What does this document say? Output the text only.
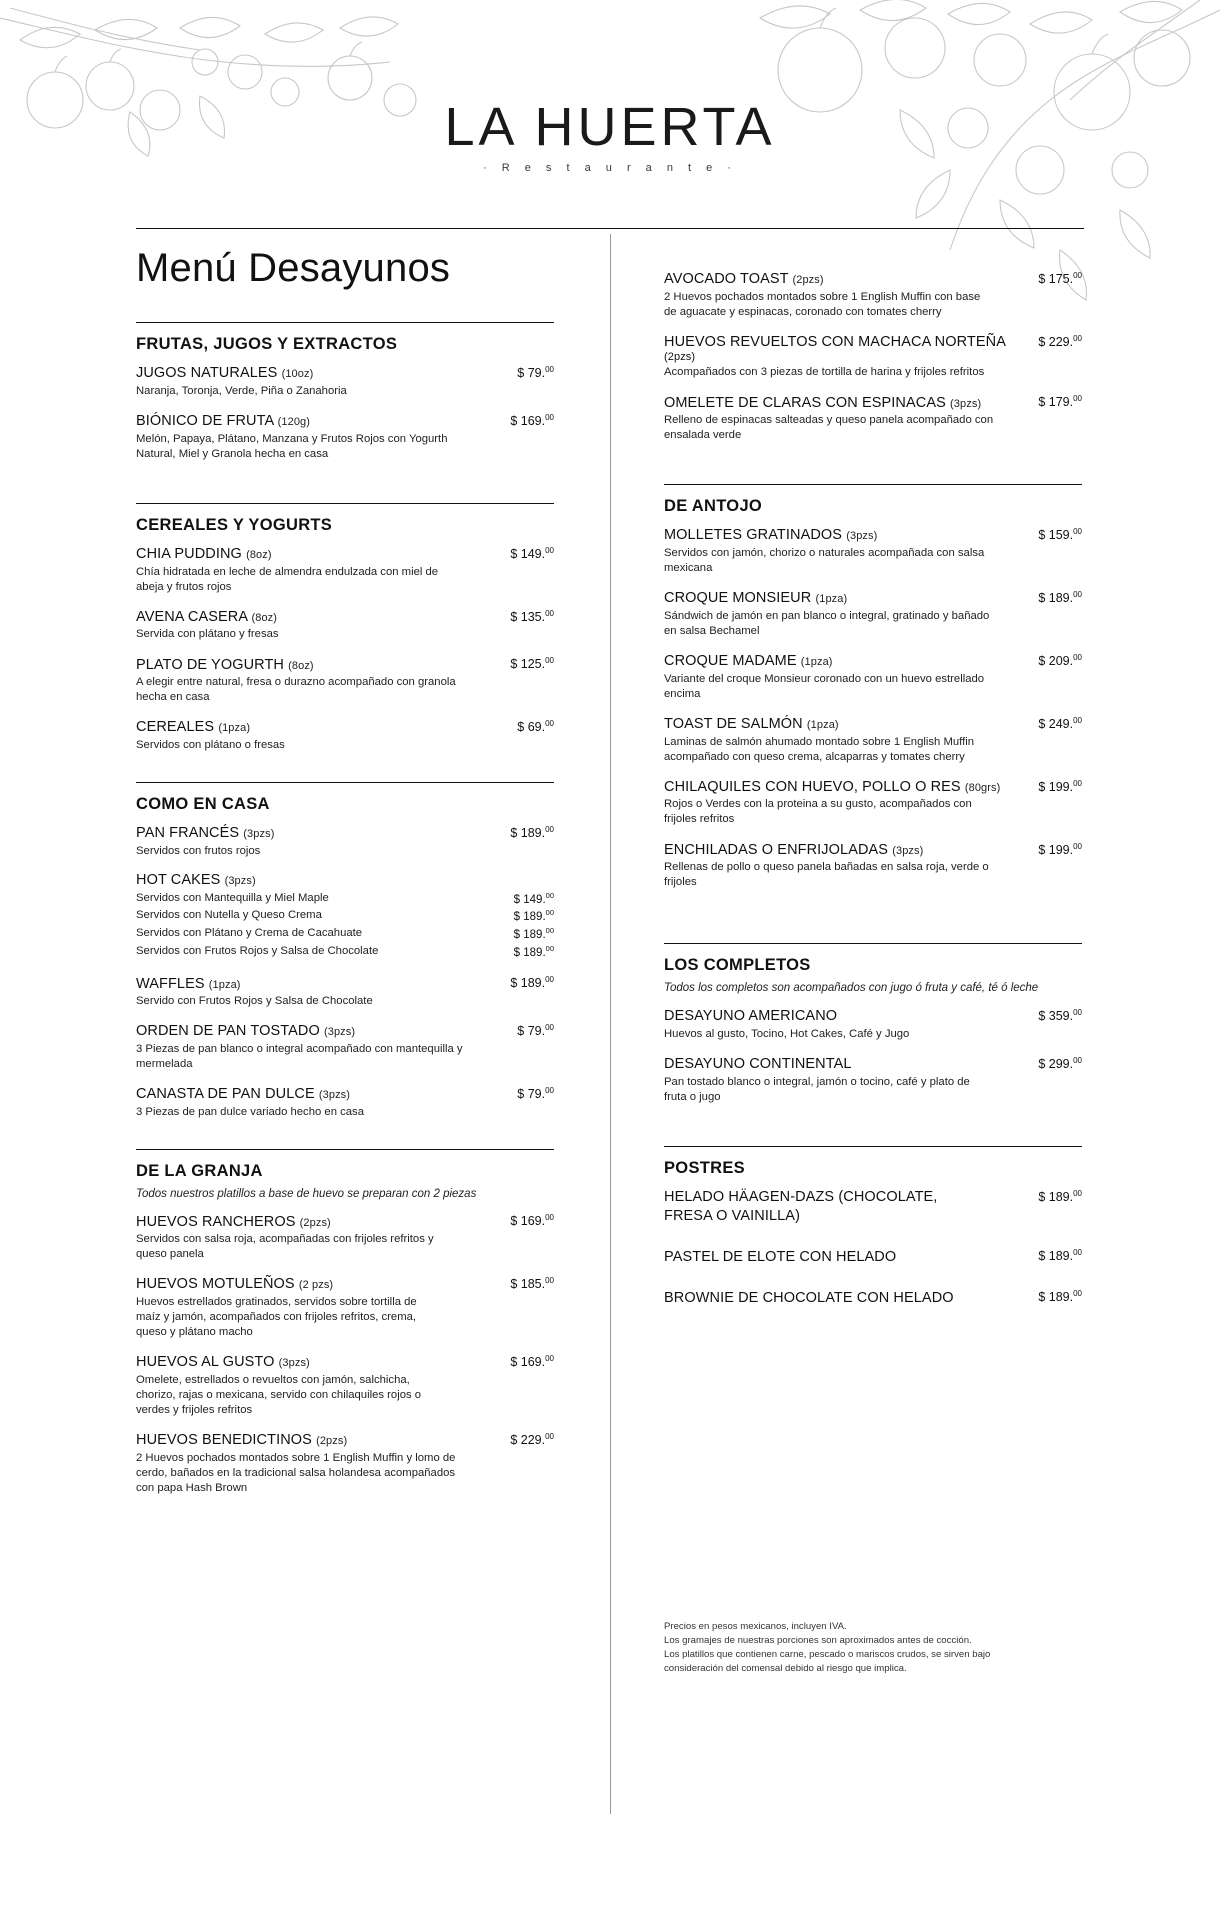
LA HUERTA
· R e s t a u r a n t e ·
Menú Desayunos
FRUTAS, JUGOS Y EXTRACTOS
JUGOS NATURALES (10oz)	$ 79.00
Naranja, Toronja, Verde, Piña o Zanahoria
BIÓNICO DE FRUTA (120g)	$ 169.00
Melón, Papaya, Plátano, Manzana y Frutos Rojos con Yogurth Natural, Miel y Granola hecha en casa
CEREALES Y YOGURTS
CHIA PUDDING (8oz)	$ 149.00
Chía hidratada en leche de almendra endulzada con miel de abeja y frutos rojos
AVENA CASERA (8oz)	$ 135.00
Servida con plátano y fresas
PLATO DE YOGURTH (8oz)	$ 125.00
A elegir entre natural, fresa o durazno acompañado con granola hecha en casa
CEREALES (1pza)	$ 69.00
Servidos con plátano o fresas
COMO EN CASA
PAN FRANCÉS (3pzs)	$ 189.00
Servidos con frutos rojos
HOT CAKES (3pzs)
Servidos con Mantequilla y Miel Maple	$ 149.00
Servidos con Nutella y Queso Crema	$ 189.00
Servidos con Plátano y Crema de Cacahuate	$ 189.00
Servidos con Frutos Rojos y Salsa de Chocolate	$ 189.00
WAFFLES (1pza)	$ 189.00
Servido con Frutos Rojos y Salsa de Chocolate
ORDEN DE PAN TOSTADO (3pzs)	$ 79.00
3 Piezas de pan blanco o integral acompañado con mantequilla y mermelada
CANASTA DE PAN DULCE (3pzs)	$ 79.00
3 Piezas de pan dulce variado hecho en casa
DE LA GRANJA
Todos nuestros platillos a base de huevo se preparan con 2 piezas
HUEVOS RANCHEROS (2pzs)	$ 169.00
Servidos con salsa roja, acompañadas con frijoles refritos y queso panela
HUEVOS MOTULEÑOS (2 pzs)	$ 185.00
Huevos estrellados gratinados, servidos sobre tortilla de maíz y jamón, acompañados con frijoles refritos, crema, queso y plátano macho
HUEVOS AL GUSTO (3pzs)	$ 169.00
Omelete, estrellados o revueltos con jamón, salchicha, chorizo, rajas o mexicana, servido con chilaquiles rojos o verdes y frijoles refritos
HUEVOS BENEDICTINOS (2pzs)	$ 229.00
2 Huevos pochados montados sobre 1 English Muffin y lomo de cerdo, bañados en la tradicional salsa holandesa acompañados con papa Hash Brown
AVOCADO TOAST (2pzs)	$ 175.00
2 Huevos pochados montados sobre 1 English Muffin con base de aguacate y espinacas, coronado con tomates cherry
HUEVOS REVUELTOS CON MACHACA NORTEÑA	$ 229.00
(2pzs)
Acompañados con 3 piezas de tortilla de harina y frijoles refritos
OMELETE DE CLARAS CON ESPINACAS (3pzs)	$ 179.00
Relleno de espinacas salteadas y queso panela acompañado con ensalada verde
DE ANTOJO
MOLLETES GRATINADOS (3pzs)	$ 159.00
Servidos con jamón, chorizo o naturales acompañada con salsa mexicana
CROQUE MONSIEUR (1pza)	$ 189.00
Sándwich de jamón en pan blanco o integral, gratinado y bañado en salsa Bechamel
CROQUE MADAME (1pza)	$ 209.00
Variante del croque Monsieur coronado con un huevo estrellado encima
TOAST DE SALMÓN (1pza)	$ 249.00
Laminas de salmón ahumado montado sobre 1 English Muffin acompañado con queso crema, alcaparras y tomates cherry
CHILAQUILES CON HUEVO, POLLO O RES (80grs)	$ 199.00
Rojos o Verdes con la proteina a su gusto, acompañados con frijoles refritos
ENCHILADAS O ENFRIJOLADAS (3pzs)	$ 199.00
Rellenas de pollo o queso panela bañadas en salsa roja, verde o frijoles
LOS COMPLETOS
Todos los completos son acompañados con jugo ó fruta y café, té ó leche
DESAYUNO AMERICANO	$ 359.00
Huevos al gusto, Tocino, Hot Cakes, Café y Jugo
DESAYUNO CONTINENTAL	$ 299.00
Pan tostado blanco o integral, jamón o tocino, café y plato de fruta o jugo
POSTRES
HELADO HÄAGEN-DAZS (CHOCOLATE, FRESA O VAINILLA)
$ 189.00
PASTEL DE ELOTE CON HELADO	$ 189.00
BROWNIE DE CHOCOLATE CON HELADO	$ 189.00
Precios en pesos mexicanos, incluyen IVA.
Los gramajes de nuestras porciones son aproximados antes de cocción.
Los platillos que contienen carne, pescado o mariscos crudos, se sirven bajo
consideración del comensal debido al riesgo que implica.
